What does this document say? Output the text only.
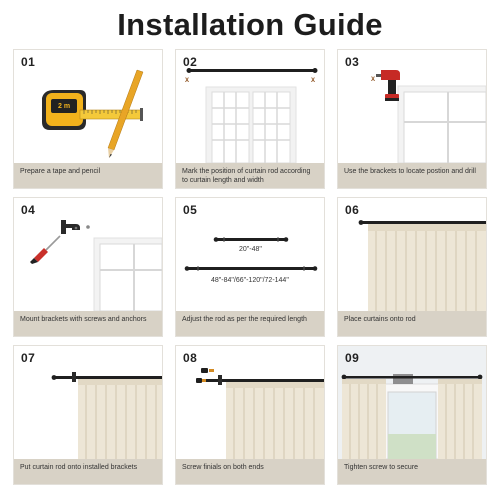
Installation Guide
01
2 m
Prepare a tape and pencil
02
X	X
Mark the position of curtain rod according to curtain length and width
03
X
Use the brackets to locate postion and drill
04
Mount brackets with screws and anchors
05
20"-48"
48"-84"/66"-120"/72-144"
Adjust the rod as per the required length
06
Place curtains onto rod
07
Put curtain rod onto installed brackets
08
Screw finials on both ends
09
Tighten screw to secure
